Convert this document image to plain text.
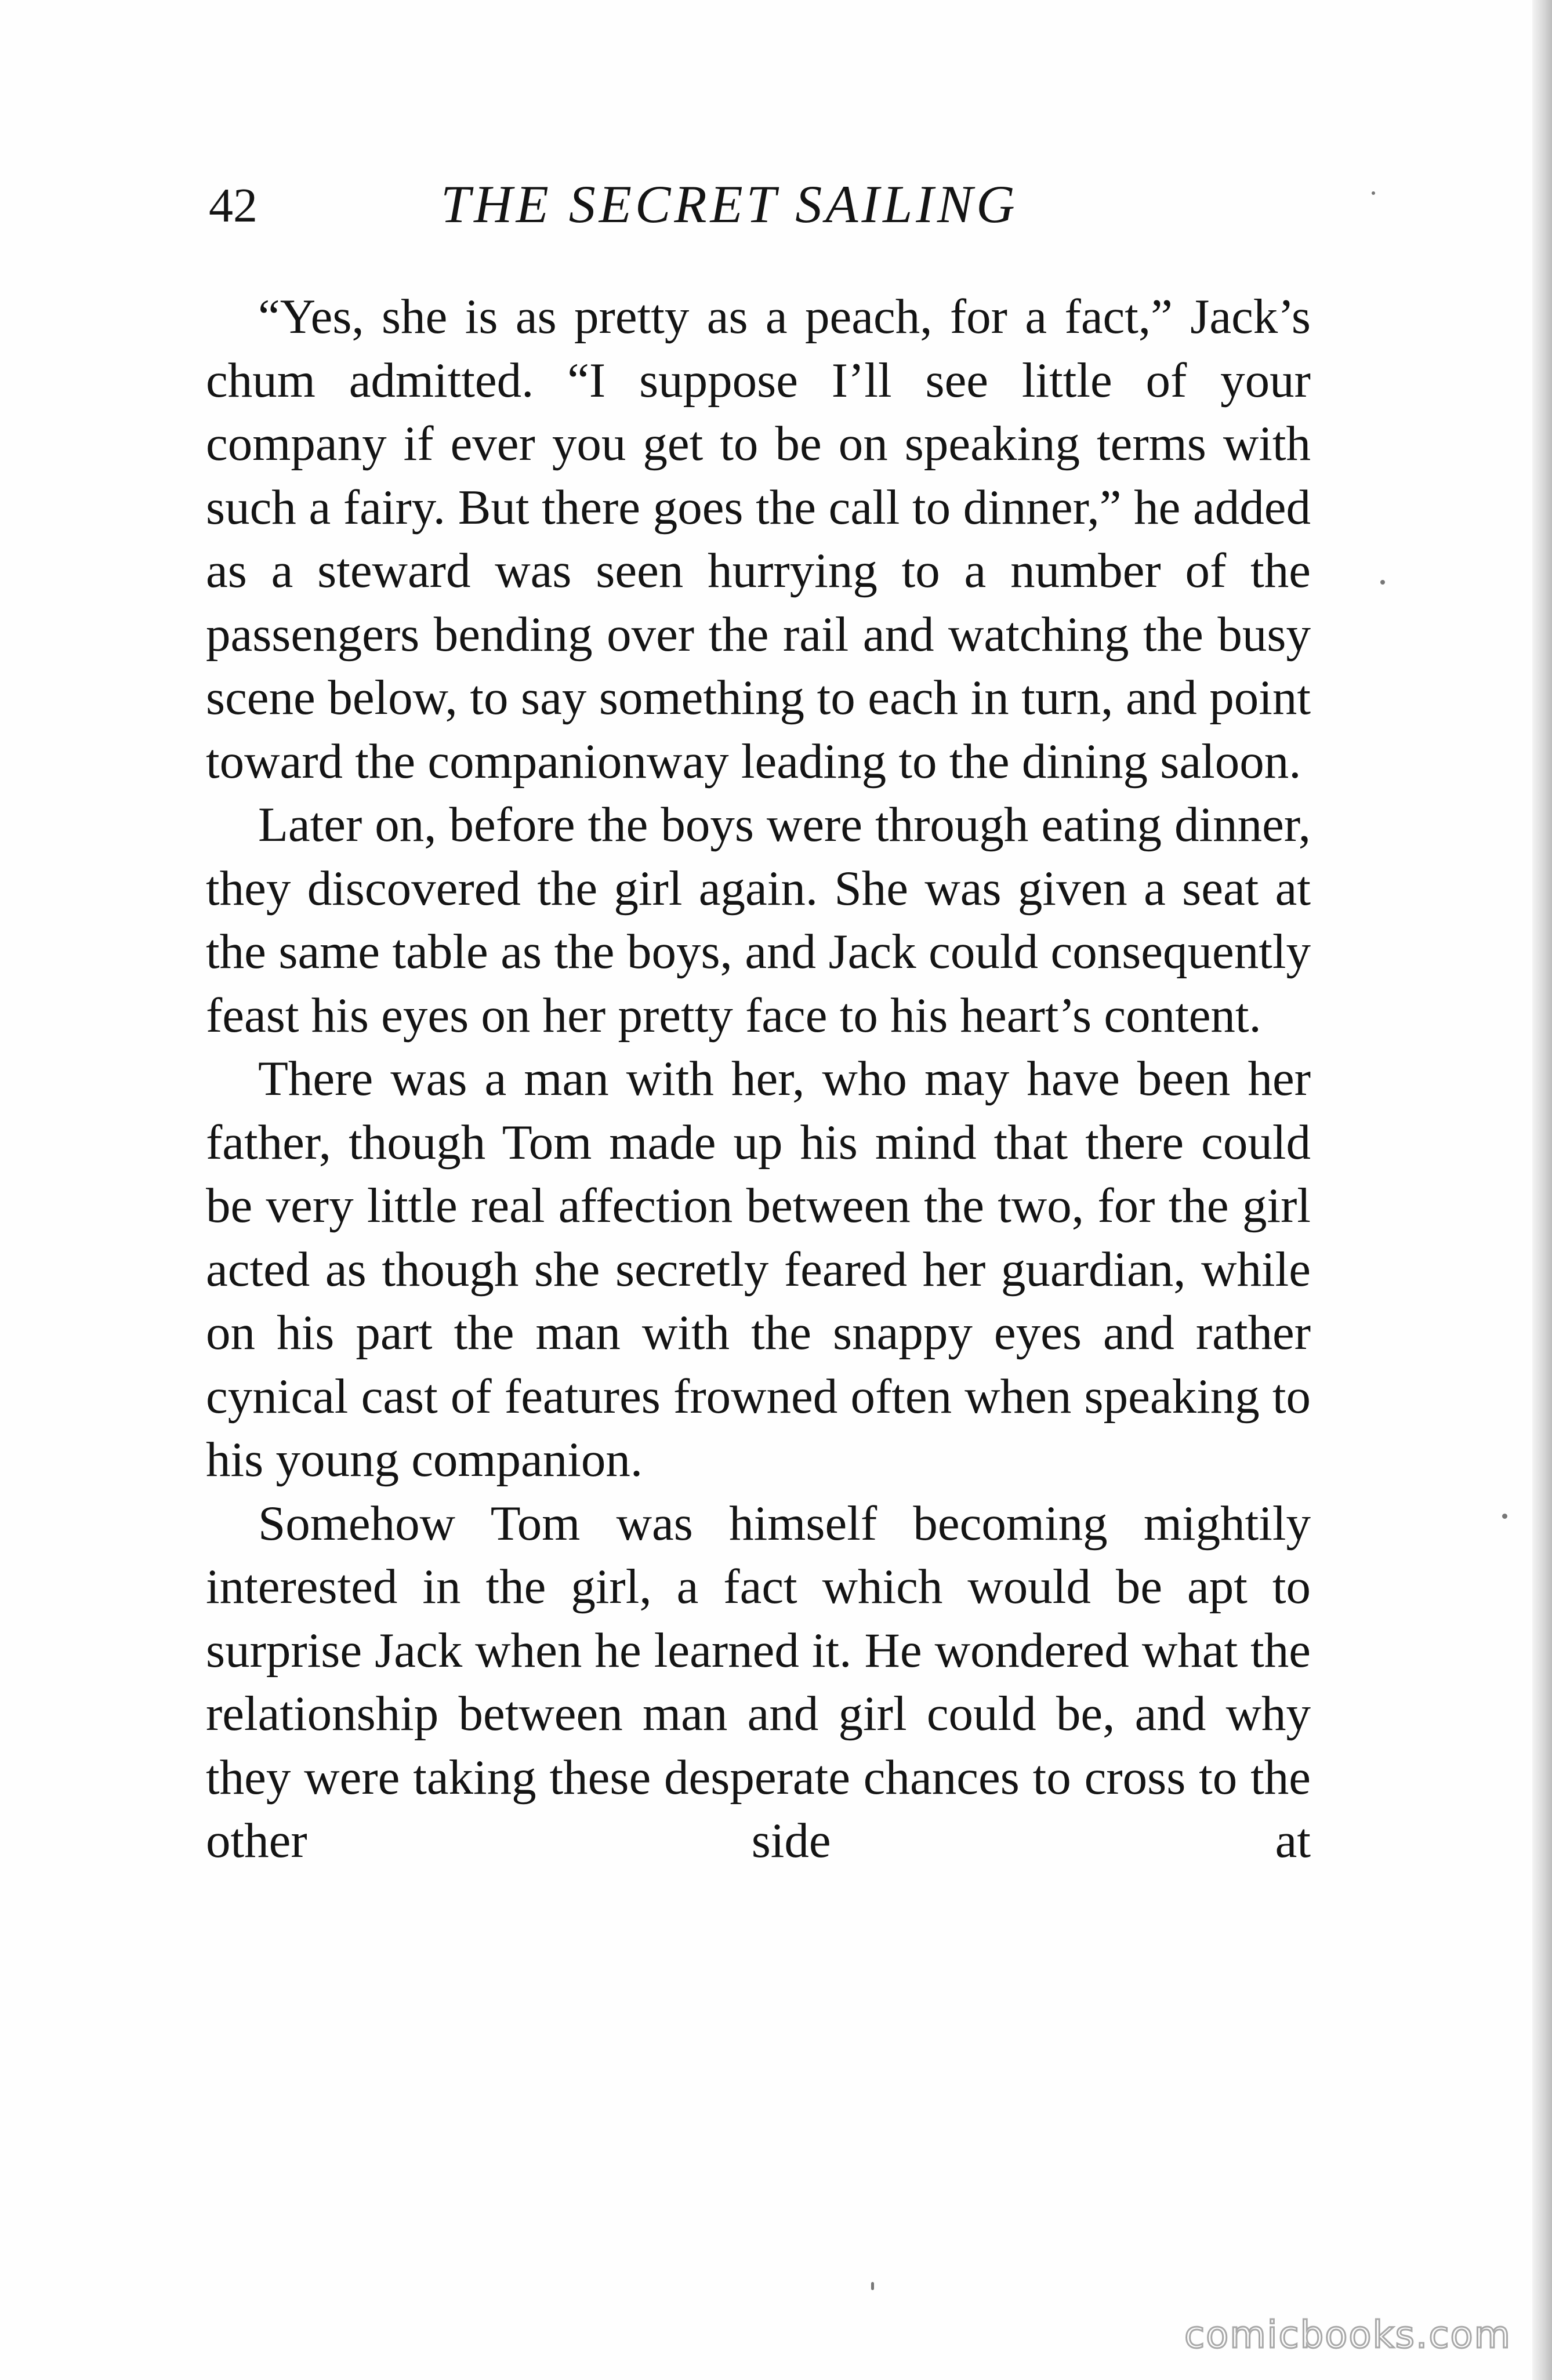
42	THE SECRET SAILING

“Yes, she is as pretty as a peach, for a fact,” Jack’s chum admitted. “I suppose I’ll see little of your company if ever you get to be on speaking terms with such a fairy. But there goes the call to dinner,” he added as a steward was seen hurrying to a number of the passengers bending over the rail and watching the busy scene below, to say something to each in turn, and point toward the companionway leading to the dining saloon.

Later on, before the boys were through eating dinner, they discovered the girl again. She was given a seat at the same table as the boys, and Jack could consequently feast his eyes on her pretty face to his heart’s content.

There was a man with her, who may have been her father, though Tom made up his mind that there could be very little real affection between the two, for the girl acted as though she secretly feared her guardian, while on his part the man with the snappy eyes and rather cynical cast of features frowned often when speaking to his young companion.

Somehow Tom was himself becoming mightily interested in the girl, a fact which would be apt to surprise Jack when he learned it. He wondered what the relationship between man and girl could be, and why they were taking these desperate chances to cross to the other side at

comicbooks.com
